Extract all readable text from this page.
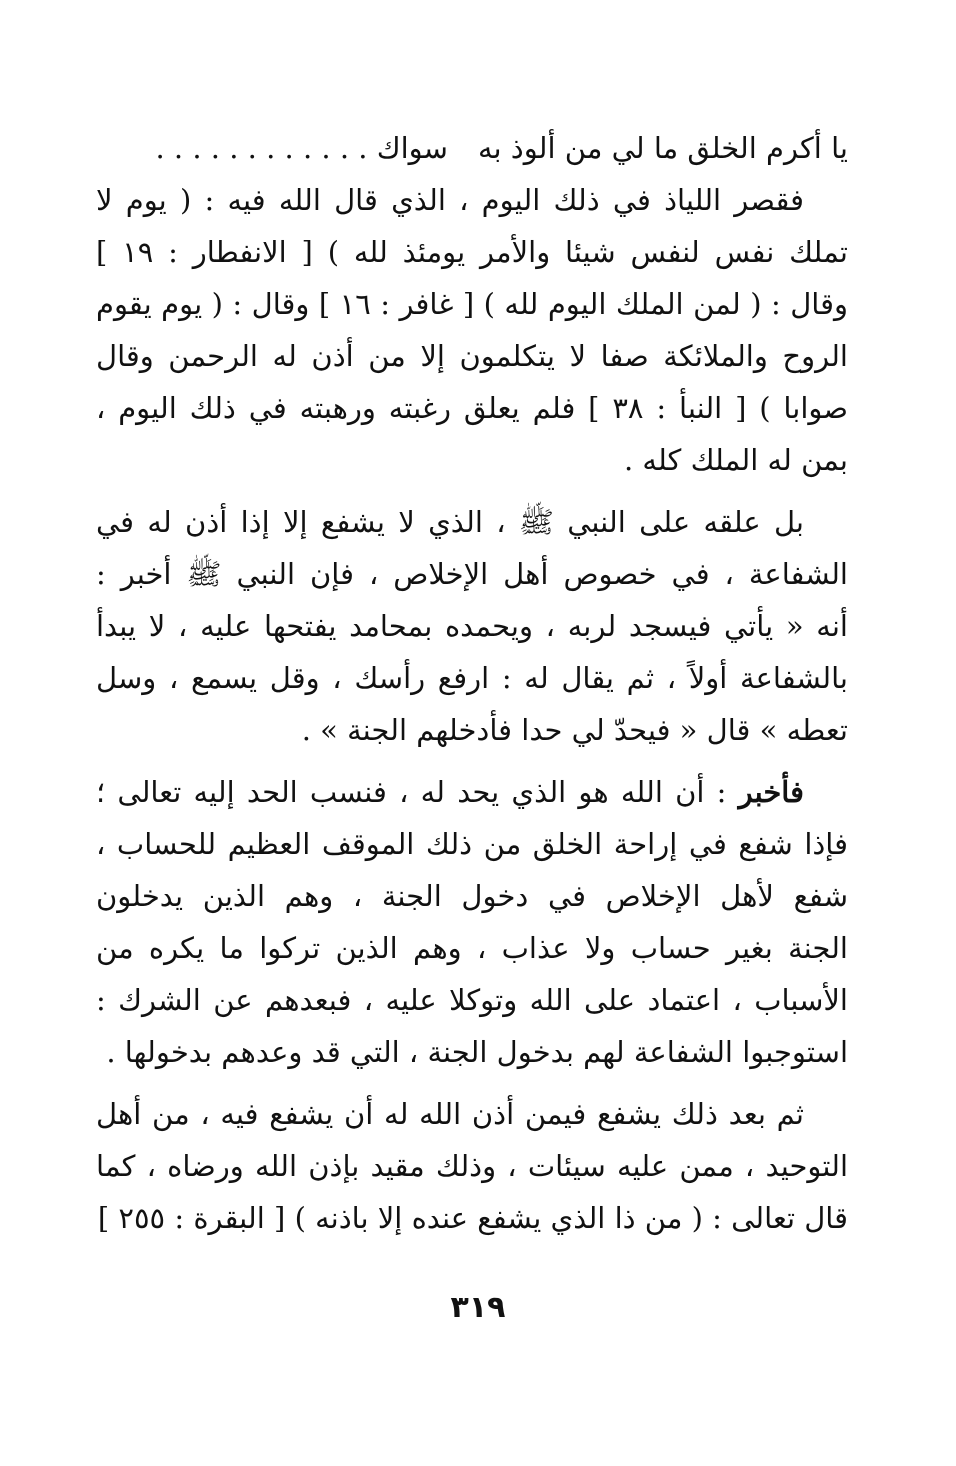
يا أكرم الخلق ما لي من ألوذ به
سواك . . . . . . . . . . . .
فقصر اللياذ في ذلك اليوم ، الذي قال الله فيه : ( يوم لا
تملك نفس لنفس شيئا والأمر يومئذ لله ) [ الانفطار : ١٩ ]
وقال : ( لمن الملك اليوم لله ) [ غافر : ١٦ ] وقال : ( يوم يقوم
الروح والملائكة صفا لا يتكلمون إلا من أذن له الرحمن وقال
صوابا ) [ النبأ : ٣٨ ] فلم يعلق رغبته ورهبته في ذلك اليوم ،
بمن له الملك كله .
بل علقه على النبي ﷺ ، الذي لا يشفع إلا إذا أذن له في
الشفاعة ، في خصوص أهل الإخلاص ، فإن النبي ﷺ أخبر :
أنه « يأتي فيسجد لربه ، ويحمده بمحامد يفتحها عليه ، لا يبدأ
بالشفاعة أولاً ، ثم يقال له : ارفع رأسك ، وقل يسمع ، وسل
تعطه » قال « فيحدّ لي حدا فأدخلهم الجنة » .
فأخبر : أن الله هو الذي يحد له ، فنسب الحد إليه تعالى ؛
فإذا شفع في إراحة الخلق من ذلك الموقف العظيم للحساب ،
شفع لأهل الإخلاص في دخول الجنة ، وهم الذين يدخلون
الجنة بغير حساب ولا عذاب ، وهم الذين تركوا ما يكره من
الأسباب ، اعتماد على الله وتوكلا عليه ، فبعدهم عن الشرك :
استوجبوا الشفاعة لهم بدخول الجنة ، التي قد وعدهم بدخولها .
ثم بعد ذلك يشفع فيمن أذن الله له أن يشفع فيه ، من أهل
التوحيد ، ممن عليه سيئات ، وذلك مقيد بإذن الله ورضاه ، كما
قال تعالى : ( من ذا الذي يشفع عنده إلا باذنه ) [ البقرة : ٢٥٥ ]
٣١٩
